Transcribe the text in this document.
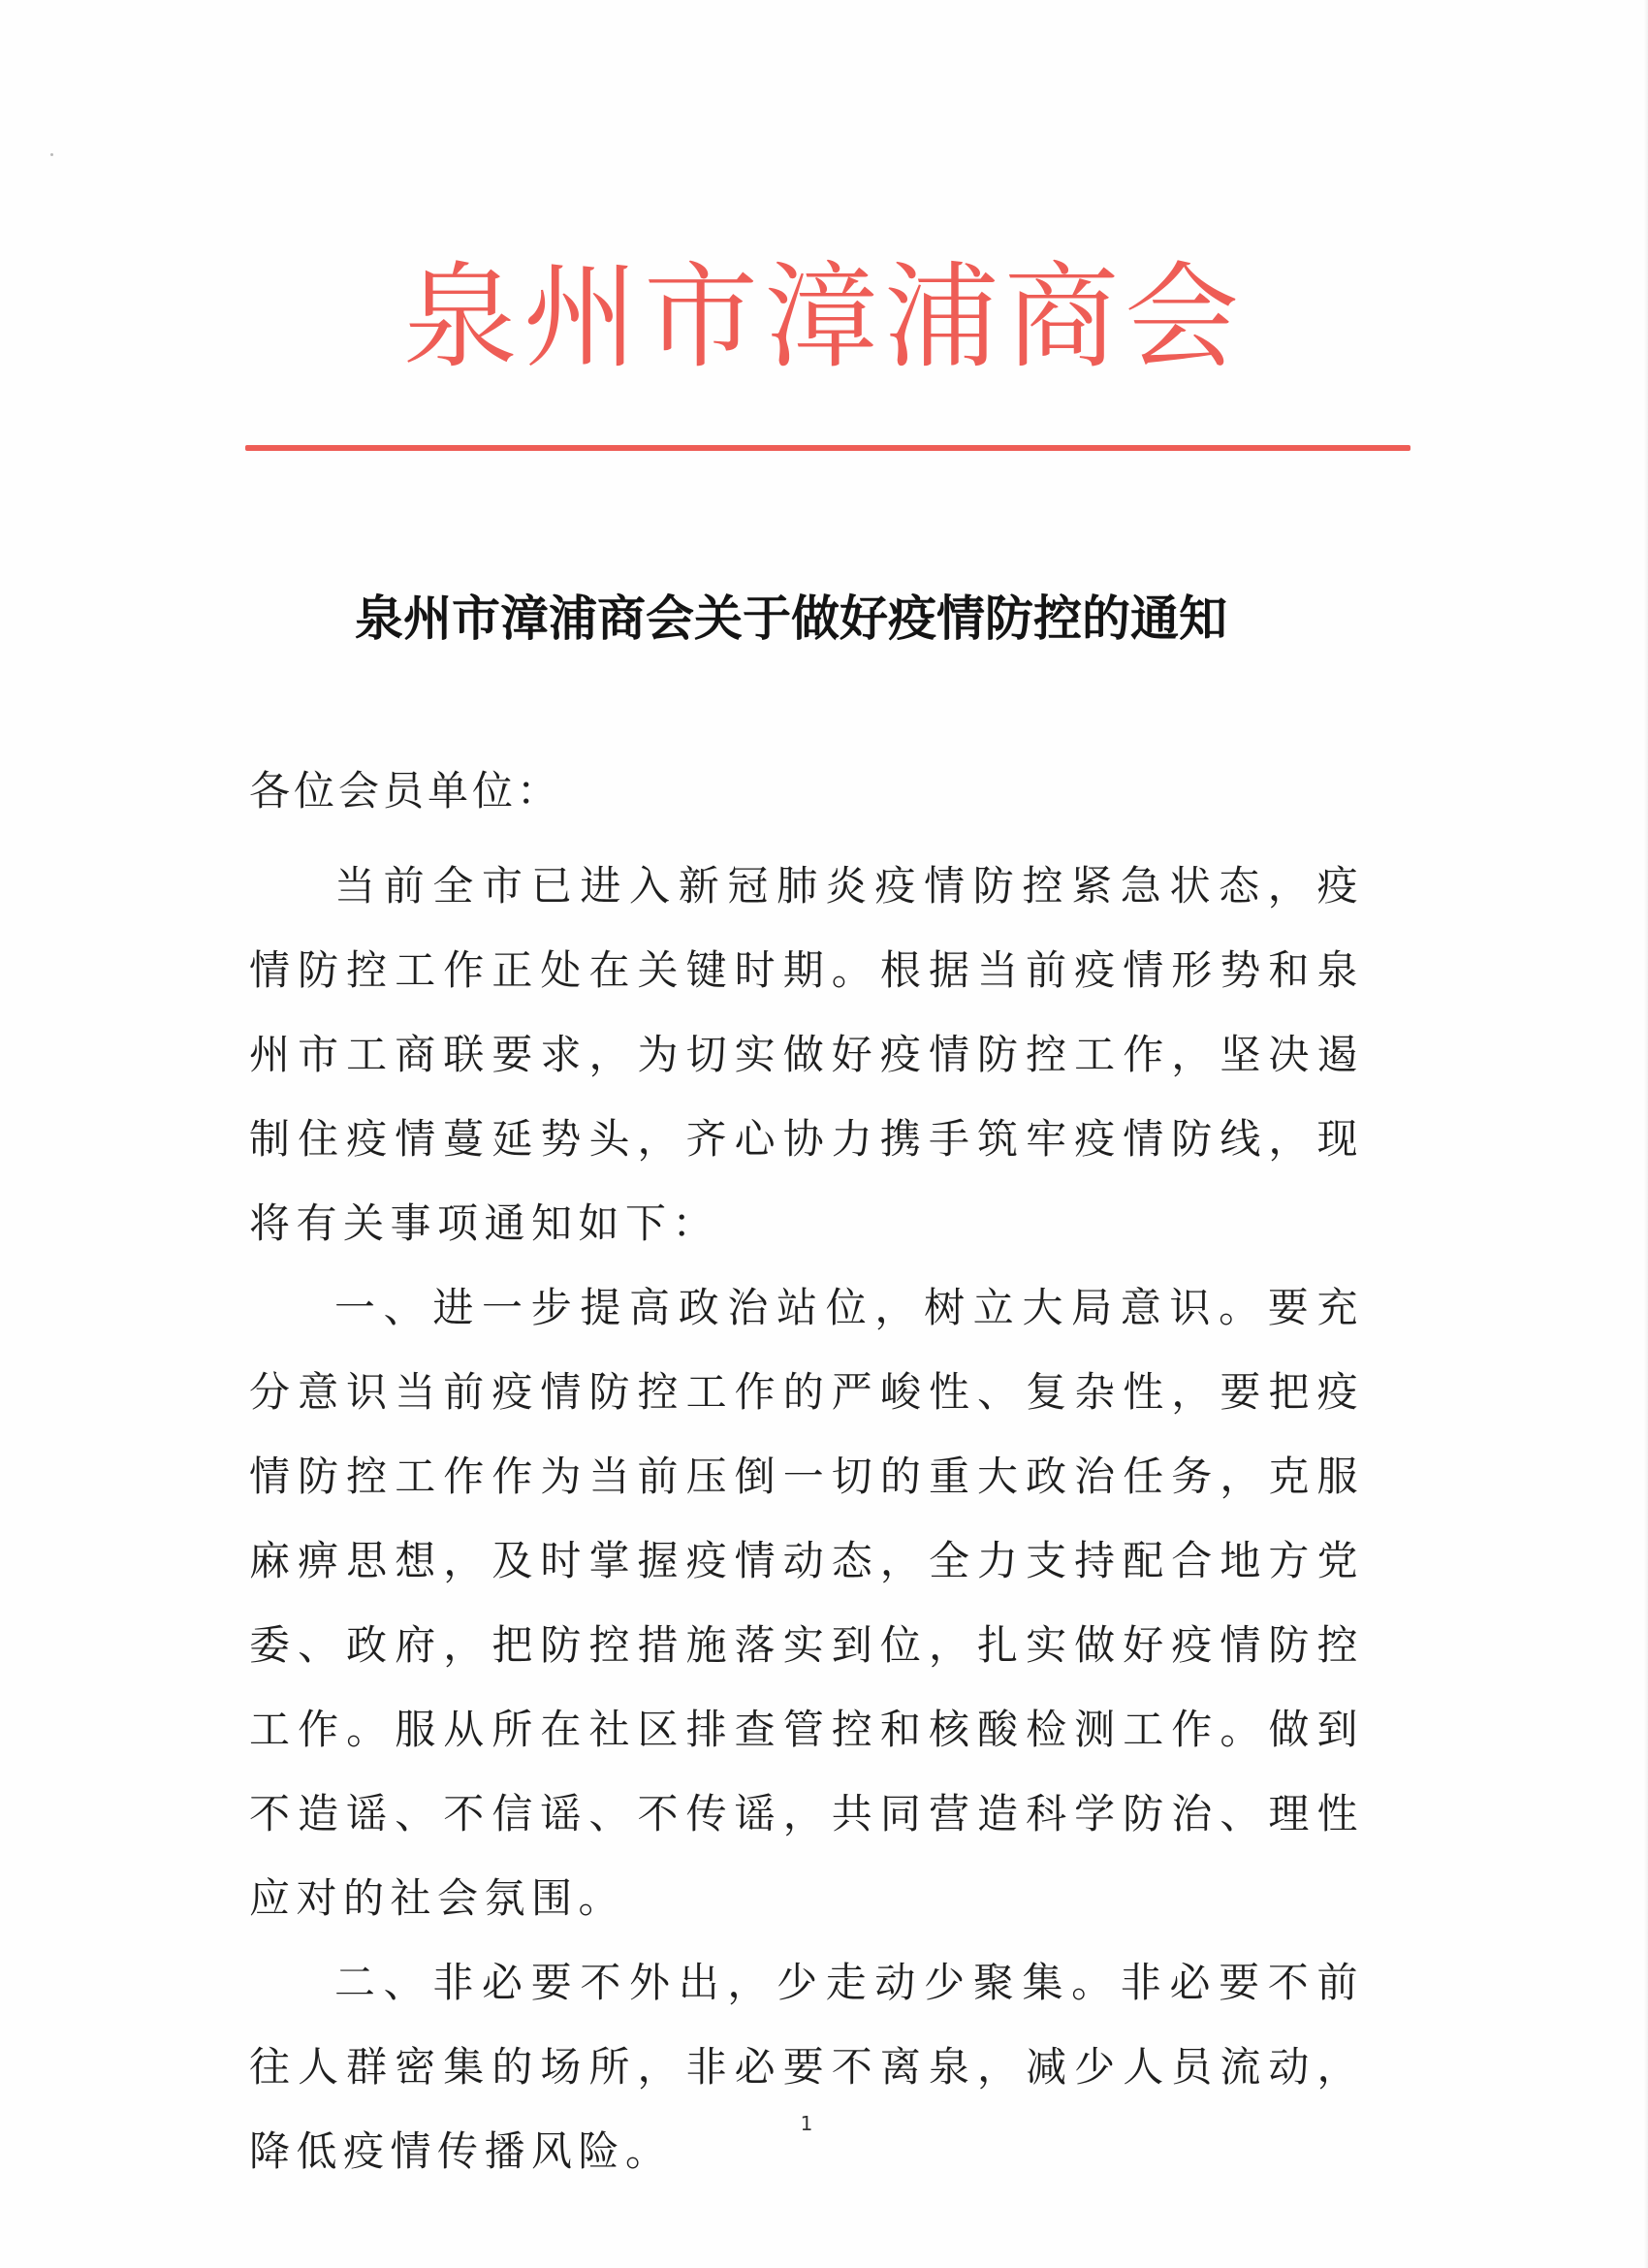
泉州市漳浦商会
泉州市漳浦商会关于做好疫情防控的通知

各位会员单位：

当前全市已进入新冠肺炎疫情防控紧急状态，疫情防控工作正处在关键时期。根据当前疫情形势和泉州市工商联要求，为切实做好疫情防控工作，坚决遏制住疫情蔓延势头，齐心协力携手筑牢疫情防线，现将有关事项通知如下：

一、进一步提高政治站位，树立大局意识。要充分意识当前疫情防控工作的严峻性、复杂性，要把疫情防控工作作为当前压倒一切的重大政治任务，克服麻痹思想，及时掌握疫情动态，全力支持配合地方党委、政府，把防控措施落实到位，扎实做好疫情防控工作。服从所在社区排查管控和核酸检测工作。做到不造谣、不信谣、不传谣，共同营造科学防治、理性应对的社会氛围。

二、非必要不外出，少走动少聚集。非必要不前往人群密集的场所，非必要不离泉，减少人员流动，降低疫情传播风险。

1
